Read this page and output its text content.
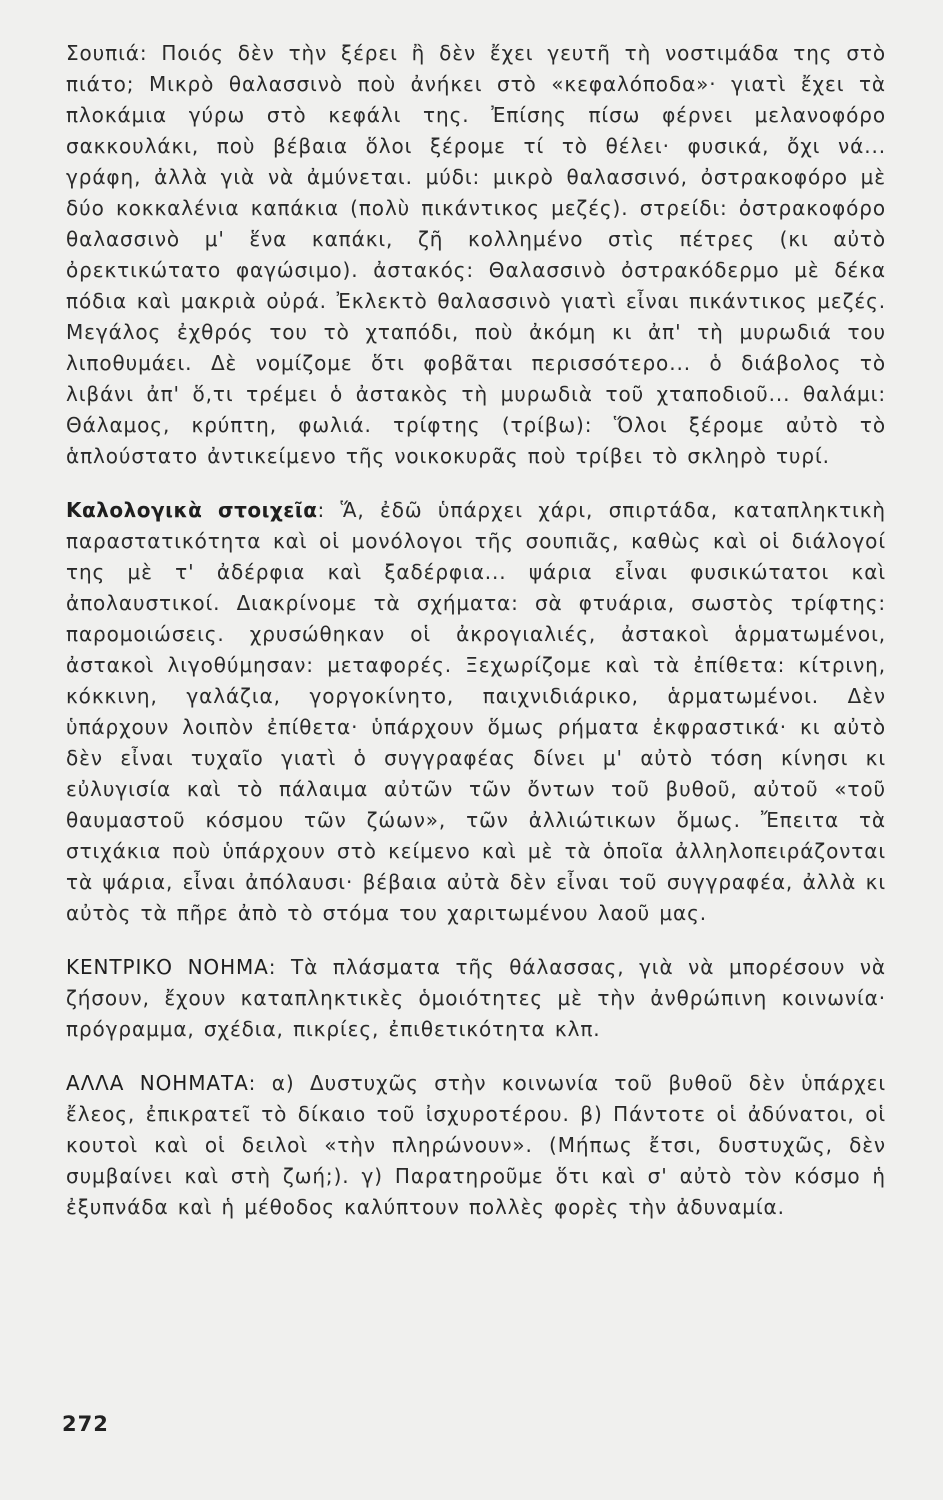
Σουπιά: Ποιός δὲν τὴν ξέρει ἢ δὲν ἔχει γευτῆ τὴ νοστιμάδα της στὸ πιάτο; Μικρὸ θαλασσινὸ ποὺ ἀνήκει στὸ «κεφαλόποδα»· γιατὶ ἔχει τὰ πλοκάμια γύρω στὸ κεφάλι της. Ἐπίσης πίσω φέρνει μελανοφόρο σακκουλάκι, ποὺ βέβαια ὅλοι ξέρομε τί τὸ θέλει· φυσικά, ὄχι νά... γράφη, ἀλλὰ γιὰ νὰ ἀμύνεται. μύδι: μικρὸ θαλασσινό, ὀστρακοφόρο μὲ δύο κοκκαλένια καπάκια (πολὺ πικάντικος μεζές). στρείδι: ὀστρακοφόρο θαλασσινὸ μ' ἕνα καπάκι, ζῆ κολλημένο στὶς πέτρες (κι αὐτὸ ὀρεκτικώτατο φαγώσιμο). ἀστακός: Θαλασσινὸ ὀστρακόδερμο μὲ δέκα πόδια καὶ μακριὰ οὐρά. Ἐκλεκτὸ θαλασσινὸ γιατὶ εἶναι πικάντικος μεζές. Μεγάλος ἐχθρός του τὸ χταπόδι, ποὺ ἀκόμη κι ἀπ' τὴ μυρωδιά του λιποθυμάει. Δὲ νομίζομε ὅτι φοβᾶται περισσότερο... ὁ διάβολος τὸ λιβάνι ἀπ' ὅ,τι τρέμει ὁ ἀστακὸς τὴ μυρωδιὰ τοῦ χταποδιοῦ... θαλάμι: Θάλαμος, κρύπτη, φωλιά. τρίφτης (τρίβω): Ὅλοι ξέρομε αὐτὸ τὸ ἁπλούστατο ἀντικείμενο τῆς νοικοκυρᾶς ποὺ τρίβει τὸ σκληρὸ τυρί.

Καλολογικὰ στοιχεῖα: Ἅ, ἐδῶ ὑπάρχει χάρι, σπιρτάδα, καταπληκτικὴ παραστατικότητα καὶ οἱ μονόλογοι τῆς σουπιᾶς, καθὼς καὶ οἱ διάλογοί της μὲ τ' ἀδέρφια καὶ ξαδέρφια... ψάρια εἶναι φυσικώτατοι καὶ ἀπολαυστικοί. Διακρίνομε τὰ σχήματα: σὰ φτυάρια, σωστὸς τρίφτης: παρομοιώσεις. χρυσώθηκαν οἱ ἀκρογιαλιές, ἀστακοὶ ἁρματωμένοι, ἀστακοὶ λιγοθύμησαν: μεταφορές. Ξεχωρίζομε καὶ τὰ ἐπίθετα: κίτρινη, κόκκινη, γαλάζια, γοργοκίνητο, παιχνιδιάρικο, ἁρματωμένοι. Δὲν ὑπάρχουν λοιπὸν ἐπίθετα· ὑπάρχουν ὅμως ρήματα ἐκφραστικά· κι αὐτὸ δὲν εἶναι τυχαῖο γιατὶ ὁ συγγραφέας δίνει μ' αὐτὸ τόση κίνησι κι εὐλυγισία καὶ τὸ πάλαιμα αὐτῶν τῶν ὄντων τοῦ βυθοῦ, αὐτοῦ «τοῦ θαυμαστοῦ κόσμου τῶν ζώων», τῶν ἀλλιώτικων ὅμως. Ἔπειτα τὰ στιχάκια ποὺ ὑπάρχουν στὸ κείμενο καὶ μὲ τὰ ὁποῖα ἀλληλοπειράζονται τὰ ψάρια, εἶναι ἀπόλαυσι· βέβαια αὐτὰ δὲν εἶναι τοῦ συγγραφέα, ἀλλὰ κι αὐτὸς τὰ πῆρε ἀπὸ τὸ στόμα του χαριτωμένου λαοῦ μας.

ΚΕΝΤΡΙΚΟ ΝΟΗΜΑ: Τὰ πλάσματα τῆς θάλασσας, γιὰ νὰ μπορέσουν νὰ ζήσουν, ἔχουν καταπληκτικὲς ὁμοιότητες μὲ τὴν ἀνθρώπινη κοινωνία· πρόγραμμα, σχέδια, πικρίες, ἐπιθετικότητα κλπ.

ΑΛΛΑ ΝΟΗΜΑΤΑ: α) Δυστυχῶς στὴν κοινωνία τοῦ βυθοῦ δὲν ὑπάρχει ἔλεος, ἐπικρατεῖ τὸ δίκαιο τοῦ ἰσχυροτέρου. β) Πάντοτε οἱ ἀδύνατοι, οἱ κουτοὶ καὶ οἱ δειλοὶ «τὴν πληρώνουν». (Μήπως ἔτσι, δυστυχῶς, δὲν συμβαίνει καὶ στὴ ζωή;). γ) Παρατηροῦμε ὅτι καὶ σ' αὐτὸ τὸν κόσμο ἡ ἐξυπνάδα καὶ ἡ μέθοδος καλύπτουν πολλὲς φορὲς τὴν ἀδυναμία.

272
